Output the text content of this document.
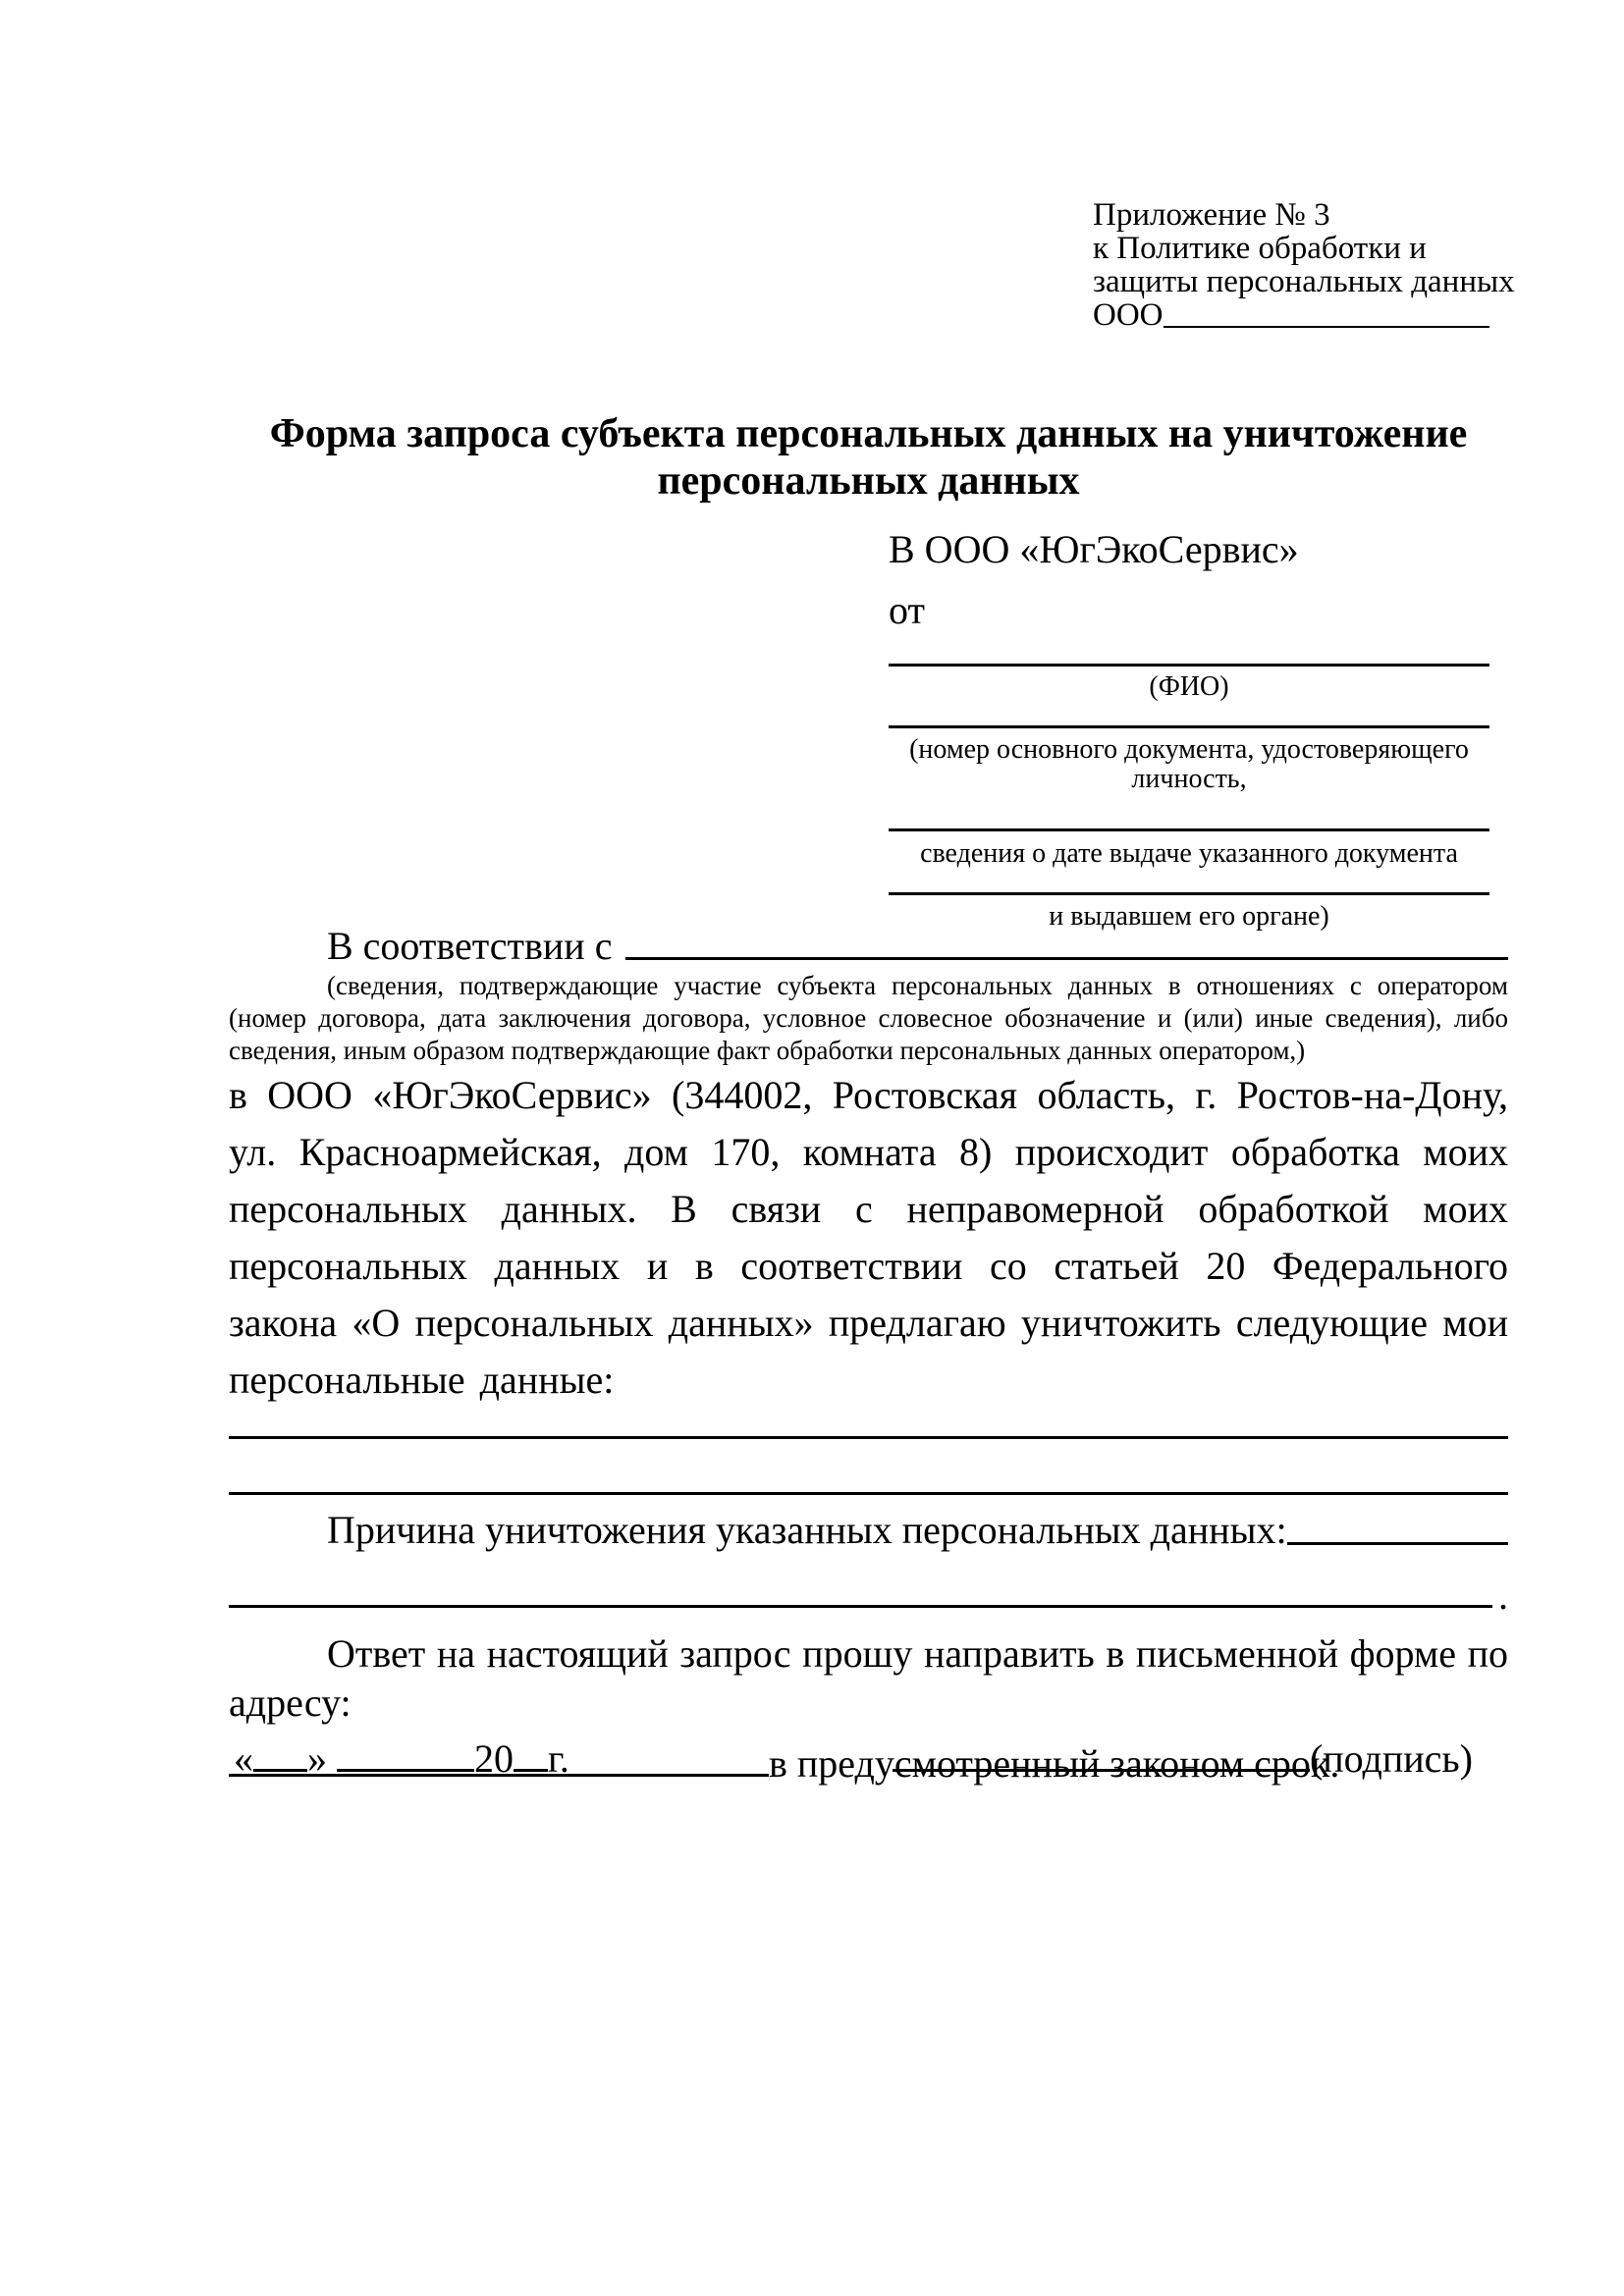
Приложение № 3
к Политике обработки и
защиты персональных данных
ООО
Форма запроса субъекта персональных данных на уничтожение персональных данных
В ООО «ЮгЭкоСервис»
от
(ФИО)
(номер основного документа, удостоверяющего личность,
сведения о дате выдаче указанного документа
и выдавшем его органе)
В соответствии с
(сведения, подтверждающие участие субъекта персональных данных в отношениях с оператором (номер договора, дата заключения договора, условное словесное обозначение и (или) иные сведения), либо сведения, иным образом подтверждающие факт обработки персональных данных оператором,)
в ООО «ЮгЭкоСервис» (344002, Ростовская область, г. Ростов-на-Дону, ул. Красноармейская, дом 170, комната 8) происходит обработка моих персональных данных. В связи с неправомерной обработкой моих персональных данных и в соответствии со статьей 20 Федерального закона «О персональных данных» предлагаю уничтожить следующие мои персональные данные:
Причина уничтожения указанных персональных данных:
.
Ответ на настоящий запрос прошу направить в письменной форме по адресу:
в предусмотренный законом срок.
« »	20 г.	(подпись)
